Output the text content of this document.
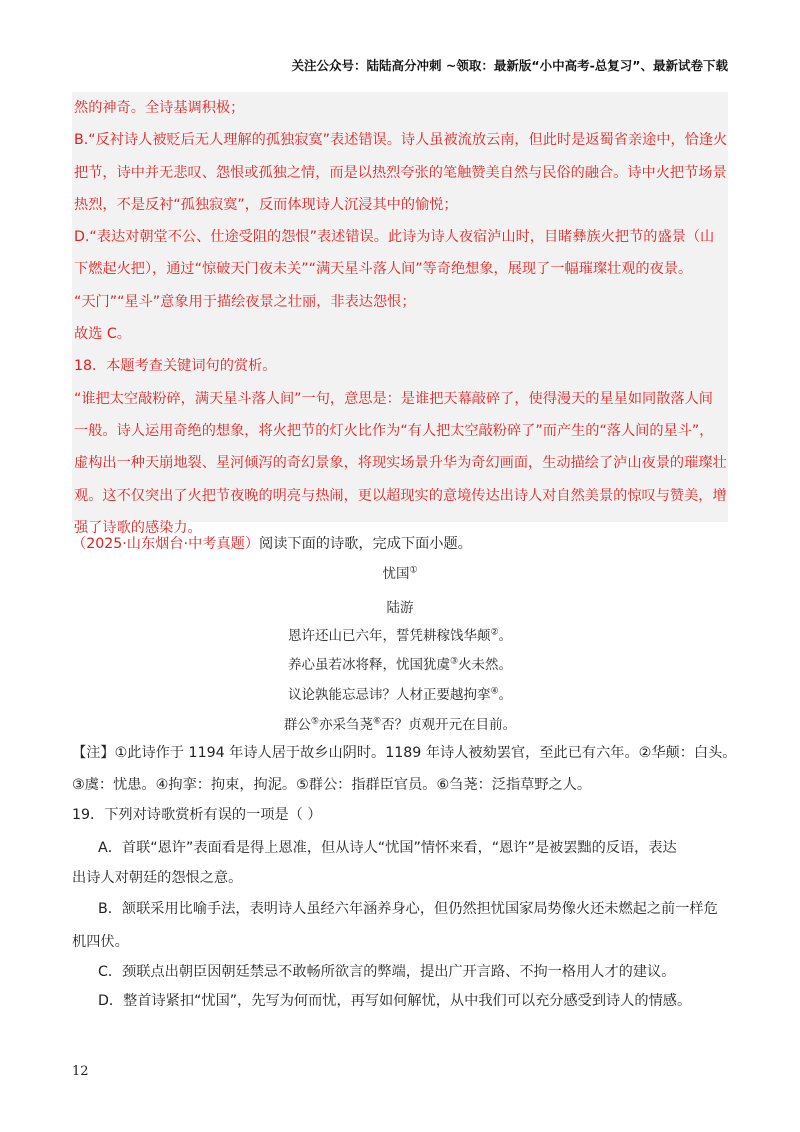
关注公众号：陆陆高分冲刺 ~领取：最新版“小中高考-总复习”、最新试卷下载

然的神奇。全诗基调积极；

B.“反衬诗人被贬后无人理解的孤独寂寞”表述错误。诗人虽被流放云南，但此时是返蜀省亲途中，恰逢火

把节，诗中并无悲叹、怨恨或孤独之情，而是以热烈夸张的笔触赞美自然与民俗的融合。诗中火把节场景

热烈，不是反衬“孤独寂寞”，反而体现诗人沉浸其中的愉悦；

D.“表达对朝堂不公、仕途受阻的怨恨”表述错误。此诗为诗人夜宿泸山时，目睹彝族火把节的盛景（山

下燃起火把），通过“惊破天门夜未关”“满天星斗落人间”等奇绝想象，展现了一幅璀璨壮观的夜景。

“天门”“星斗”意象用于描绘夜景之壮丽，非表达怨恨；

故选 C。

18．本题考查关键词句的赏析。

“谁把太空敲粉碎，满天星斗落人间”一句，意思是：是谁把天幕敲碎了，使得漫天的星星如同散落人间

一般。诗人运用奇绝的想象，将火把节的灯火比作为“有人把太空敲粉碎了”而产生的“落人间的星斗”，

虚构出一种天崩地裂、星河倾泻的奇幻景象，将现实场景升华为奇幻画面，生动描绘了泸山夜景的璀璨壮

观。这不仅突出了火把节夜晚的明亮与热闹，更以超现实的意境传达出诗人对自然美景的惊叹与赞美，增

强了诗歌的感染力。

（2025·山东烟台·中考真题）阅读下面的诗歌，完成下面小题。
忧国①
陆游
恩许还山已六年，誓凭耕稼饯华颠②。
养心虽若冰将释，忧国犹虞③火未然。
议论孰能忘忌讳？人材正要越拘挛④。
群公⑤亦采刍荛⑥否？贞观开元在目前。
【注】①此诗作于 1194 年诗人居于故乡山阴时。1189 年诗人被劾罢官，至此已有六年。②华颠：白头。
③虞：忧患。④拘挛：拘束，拘泥。⑤群公：指群臣官员。⑥刍荛：泛指草野之人。
19．下列对诗歌赏析有误的一项是（ ）
A．首联“恩许”表面看是得上恩准，但从诗人“忧国”情怀来看，“恩许”是被罢黜的反语，表达
出诗人对朝廷的怨恨之意。
B．颔联采用比喻手法，表明诗人虽经六年涵养身心，但仍然担忧国家局势像火还未燃起之前一样危
机四伏。
C．颈联点出朝臣因朝廷禁忌不敢畅所欲言的弊端，提出广开言路、不拘一格用人才的建议。
D．整首诗紧扣“忧国”，先写为何而忧，再写如何解忧，从中我们可以充分感受到诗人的情感。
12
